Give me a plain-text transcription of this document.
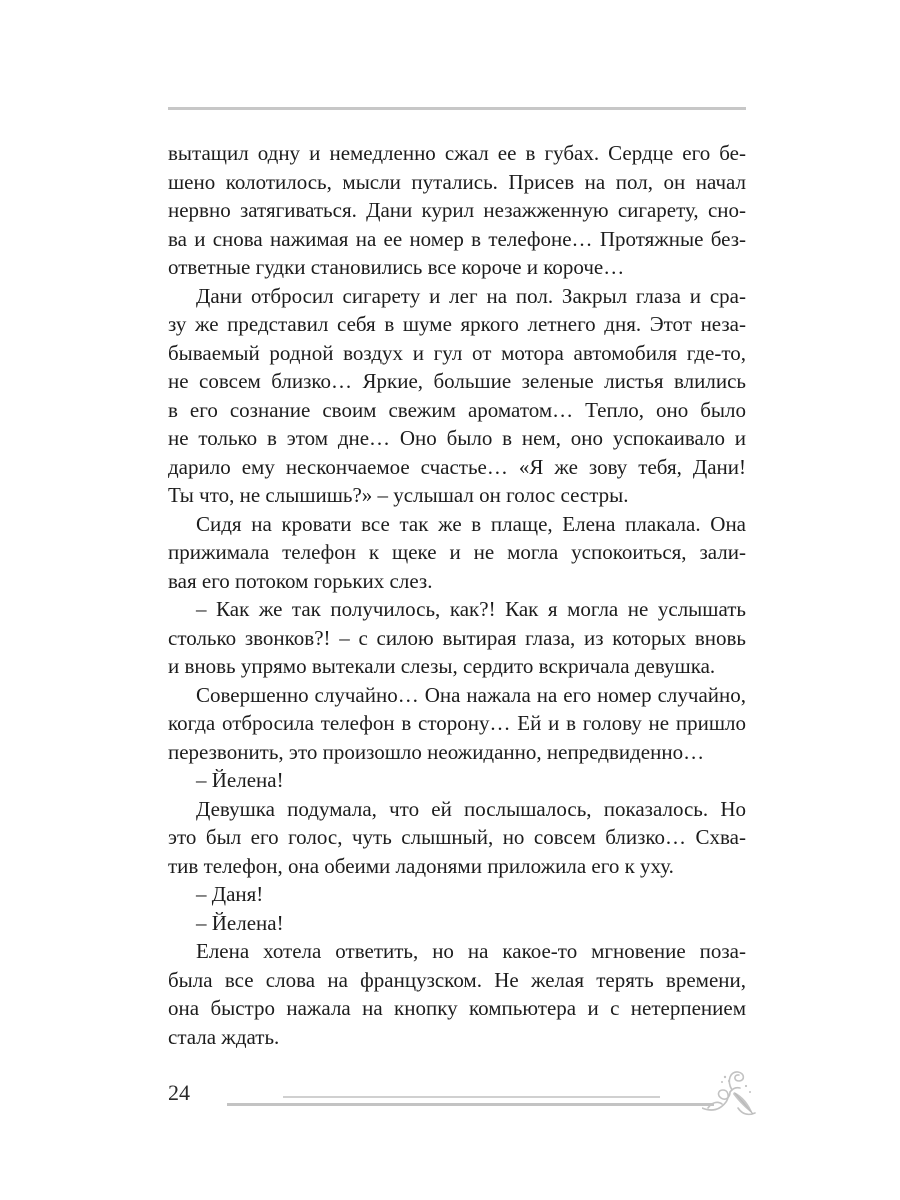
вытащил одну и немедленно сжал ее в губах. Сердце его бе-
шено колотилось, мысли путались. Присев на пол, он начал
нервно затягиваться. Дани курил незажженную сигарету, сно-
ва и снова нажимая на ее номер в телефоне… Протяжные без-
ответные гудки становились все короче и короче…
Дани отбросил сигарету и лег на пол. Закрыл глаза и сра-
зу же представил себя в шуме яркого летнего дня. Этот неза-
бываемый родной воздух и гул от мотора автомобиля где-то,
не совсем близко… Яркие, большие зеленые листья влились
в его сознание своим свежим ароматом… Тепло, оно было
не только в этом дне… Оно было в нем, оно успокаивало и
дарило ему нескончаемое счастье… «Я же зову тебя, Дани!
Ты что, не слышишь?» – услышал он голос сестры.
Сидя на кровати все так же в плаще, Елена плакала. Она
прижимала телефон к щеке и не могла успокоиться, зали-
вая его потоком горьких слез.
– Как же так получилось, как?! Как я могла не услышать
столько звонков?! – с силою вытирая глаза, из которых вновь
и вновь упрямо вытекали слезы, сердито вскричала девушка.
Совершенно случайно… Она нажала на его номер случайно,
когда отбросила телефон в сторону… Ей и в голову не пришло
перезвонить, это произошло неожиданно, непредвиденно…
– Йелена!
Девушка подумала, что ей послышалось, показалось. Но
это был его голос, чуть слышный, но совсем близко… Схва-
тив телефон, она обеими ладонями приложила его к уху.
– Даня!
– Йелена!
Елена хотела ответить, но на какое-то мгновение поза-
была все слова на французском. Не желая терять времени,
она быстро нажала на кнопку компьютера и с нетерпением
стала ждать.
24
